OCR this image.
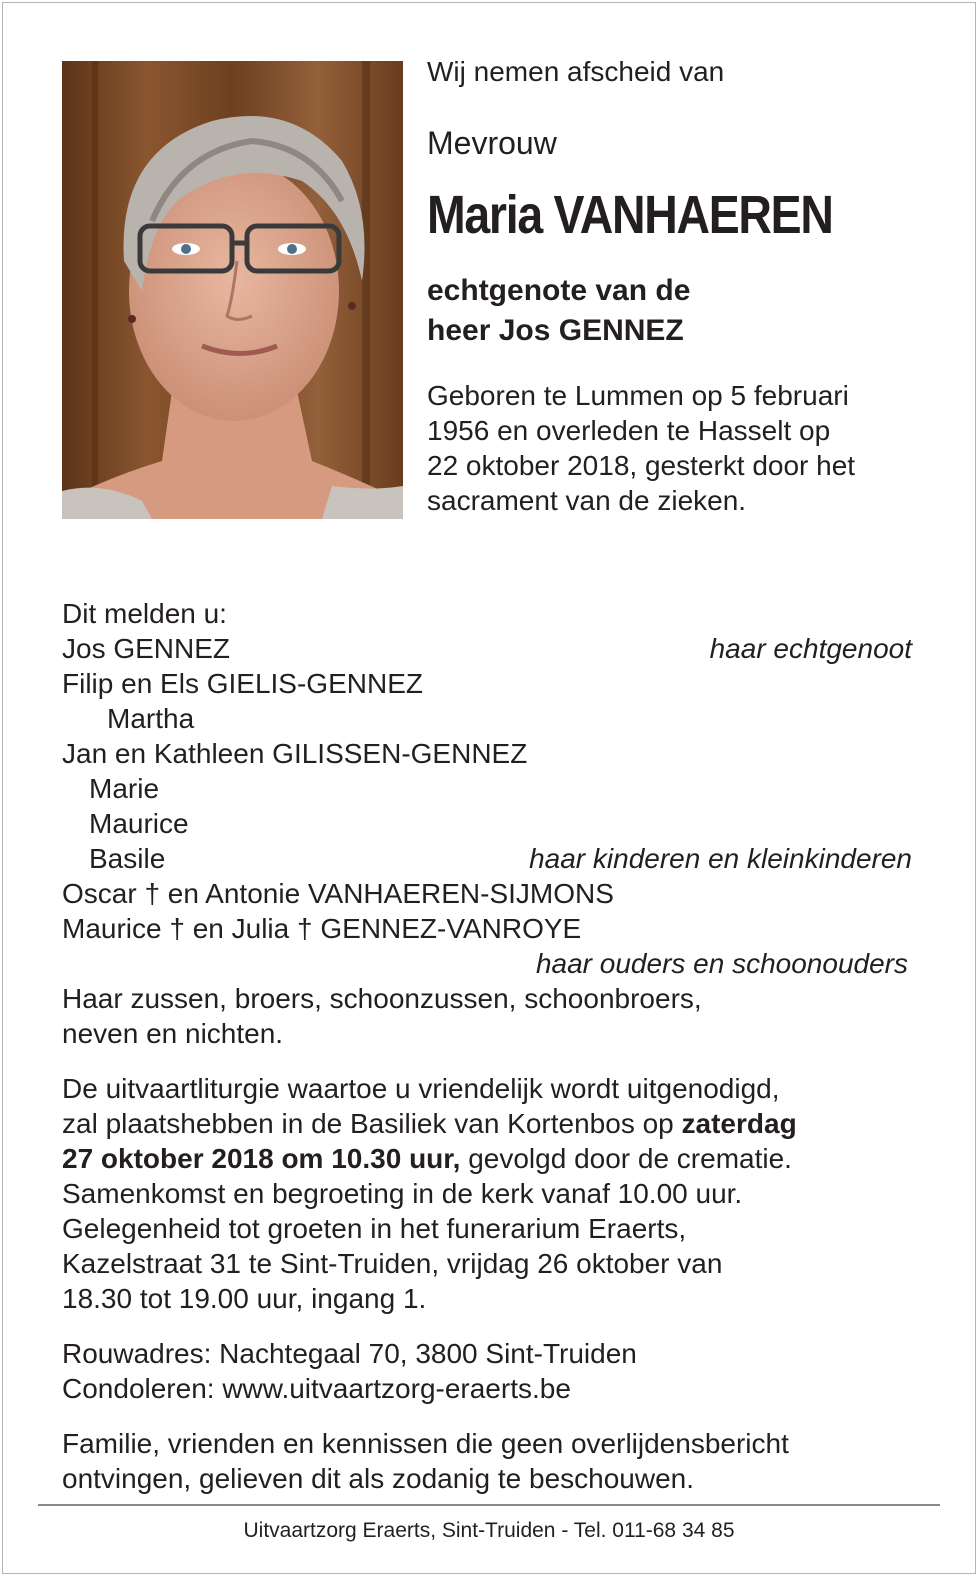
Wij nemen afscheid van

Mevrouw
Maria VANHAEREN
echtgenote van de
heer Jos GENNEZ
Geboren te Lummen op 5 februari
1956 en overleden te Hasselt op
22 oktober 2018, gesterkt door het
sacrament van de zieken.
Dit melden u:
Jos GENNEZ	haar echtgenoot
Filip en Els GIELIS-GENNEZ
Martha
Jan en Kathleen GILISSEN-GENNEZ
Marie
Maurice
Basile	haar kinderen en kleinkinderen
Oscar † en Antonie VANHAEREN-SIJMONS
Maurice † en Julia † GENNEZ-VANROYE
haar ouders en schoonouders
Haar zussen, broers, schoonzussen, schoonbroers,
neven en nichten.
De uitvaartliturgie waartoe u vriendelijk wordt uitgenodigd,
zal plaatshebben in de Basiliek van Kortenbos op zaterdag
27 oktober 2018 om 10.30 uur, gevolgd door de crematie.
Samenkomst en begroeting in de kerk vanaf 10.00 uur.
Gelegenheid tot groeten in het funerarium Eraerts,
Kazelstraat 31 te Sint-Truiden, vrijdag 26 oktober van
18.30 tot 19.00 uur, ingang 1.
Rouwadres: Nachtegaal 70, 3800 Sint-Truiden
Condoleren: www.uitvaartzorg-eraerts.be
Familie, vrienden en kennissen die geen overlijdensbericht
ontvingen, gelieven dit als zodanig te beschouwen.
Uitvaartzorg Eraerts, Sint-Truiden - Tel. 011-68 34 85
